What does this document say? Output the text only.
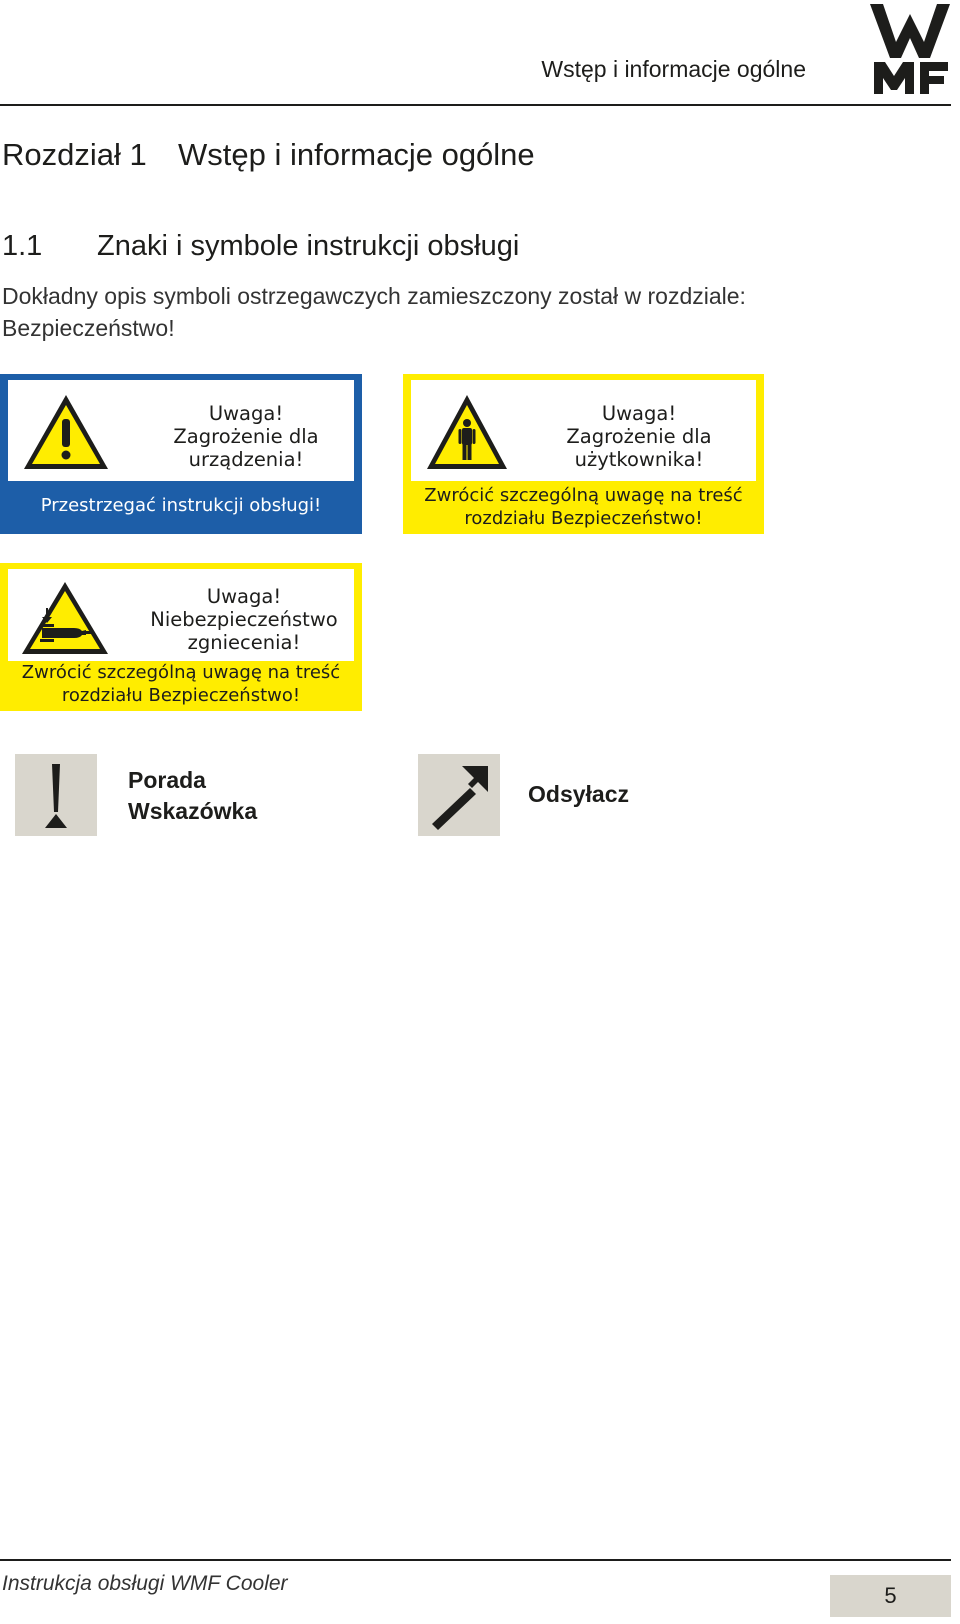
Wstęp i informacje ogólne
Rozdział 1 Wstęp i informacje ogólne
1.1 Znaki i symbole instrukcji obsługi
Dokładny opis symboli ostrzegawczych zamieszczony został w rozdziale: Bezpieczeństwo!
Uwaga!
Zagrożenie dla
urządzenia!
Przestrzegać instrukcji obsługi!
Uwaga!
Zagrożenie dla
użytkownika!
Zwrócić szczególną uwagę na treść
rozdziału Bezpieczeństwo!
Uwaga!
Niebezpieczeństwo
zgniecenia!
Zwrócić szczególną uwagę na treść
rozdziału Bezpieczeństwo!
Porada
Wskazówka
Odsyłacz
Instrukcja obsługi WMF Cooler	5
